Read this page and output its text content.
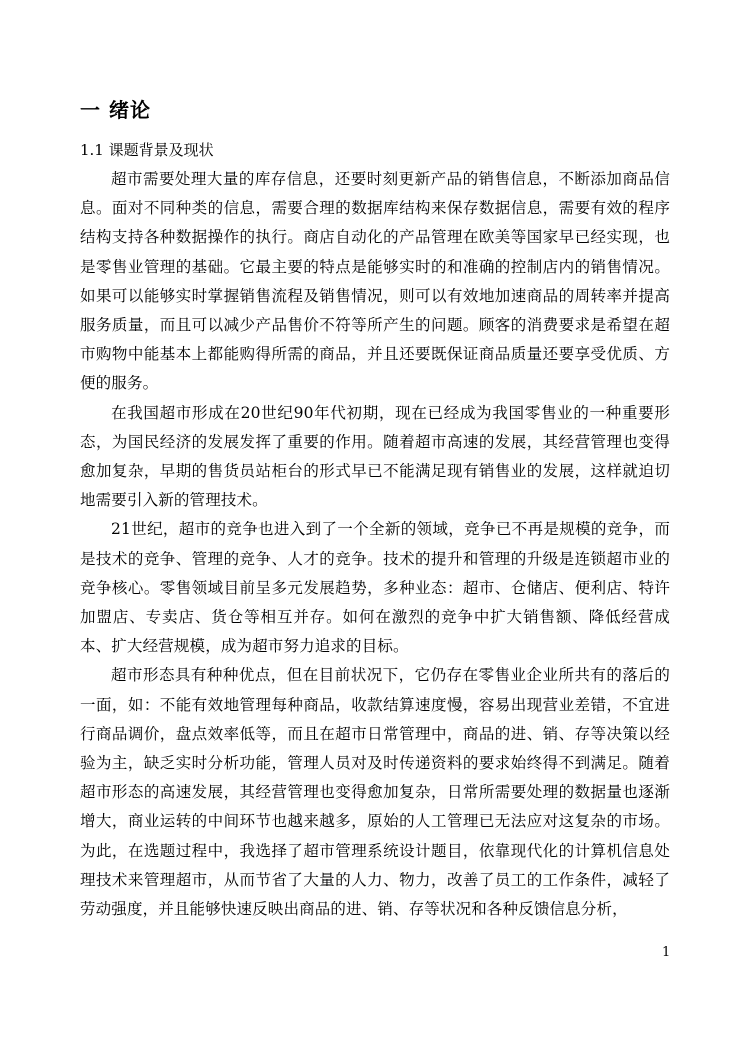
一 绪论
1.1 课题背景及现状

超市需要处理大量的库存信息，还要时刻更新产品的销售信息，不断添加商品信息。面对不同种类的信息，需要合理的数据库结构来保存数据信息，需要有效的程序结构支持各种数据操作的执行。商店自动化的产品管理在欧美等国家早已经实现，也是零售业管理的基础。它最主要的特点是能够实时的和准确的控制店内的销售情况。如果可以能够实时掌握销售流程及销售情况，则可以有效地加速商品的周转率并提高服务质量，而且可以减少产品售价不符等所产生的问题。顾客的消费要求是希望在超市购物中能基本上都能购得所需的商品，并且还要既保证商品质量还要享受优质、方便的服务。

在我国超市形成在20世纪90年代初期，现在已经成为我国零售业的一种重要形态，为国民经济的发展发挥了重要的作用。随着超市高速的发展，其经营管理也变得愈加复杂，早期的售货员站柜台的形式早已不能满足现有销售业的发展，这样就迫切地需要引入新的管理技术。

21世纪，超市的竞争也进入到了一个全新的领域，竞争已不再是规模的竞争，而是技术的竞争、管理的竞争、人才的竞争。技术的提升和管理的升级是连锁超市业的竞争核心。零售领域目前呈多元发展趋势，多种业态：超市、仓储店、便利店、特许加盟店、专卖店、货仓等相互并存。如何在激烈的竞争中扩大销售额、降低经营成本、扩大经营规模，成为超市努力追求的目标。

超市形态具有种种优点，但在目前状况下，它仍存在零售业企业所共有的落后的一面，如：不能有效地管理每种商品，收款结算速度慢，容易出现营业差错，不宜进行商品调价，盘点效率低等，而且在超市日常管理中，商品的进、销、存等决策以经验为主，缺乏实时分析功能，管理人员对及时传递资料的要求始终得不到满足。随着超市形态的高速发展，其经营管理也变得愈加复杂，日常所需要处理的数据量也逐渐增大，商业运转的中间环节也越来越多，原始的人工管理已无法应对这复杂的市场。为此，在选题过程中，我选择了超市管理系统设计题目，依靠现代化的计算机信息处理技术来管理超市，从而节省了大量的人力、物力，改善了员工的工作条件，减轻了劳动强度，并且能够快速反映出商品的进、销、存等状况和各种反馈信息分析，

1
